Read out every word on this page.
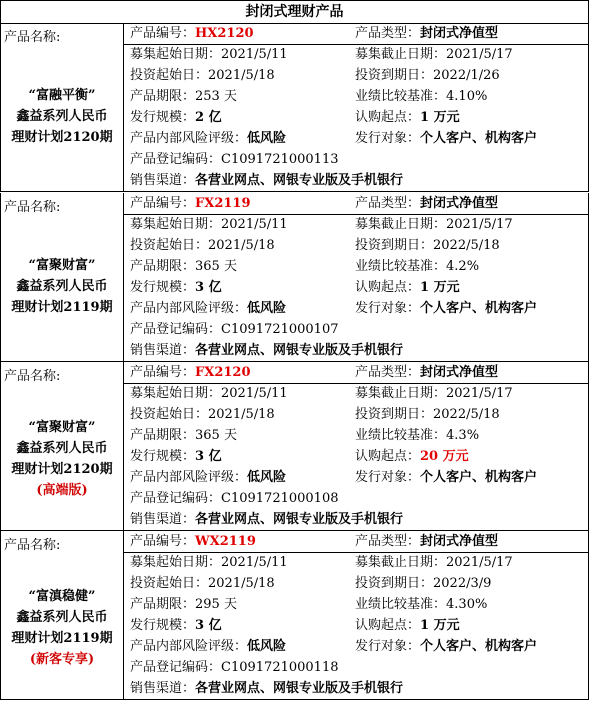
封闭式理财产品
产品名称:
“富融平衡”
鑫益系列人民币
理财计划2120期
产品编号：HX2120	产品类型：封闭式净值型
募集起始日期：2021/5/11	募集截止日期：2021/5/17
投资起始日：2021/5/18	投资到期日：2022/1/26
产品期限：253 天	业绩比较基准：4.10%
发行规模：2 亿	认购起点：1 万元
产品内部风险评级：低风险	发行对象：个人客户、机构客户
产品登记编码：C1091721000113
销售渠道：各营业网点、网银专业版及手机银行
产品名称:
“富聚财富”
鑫益系列人民币
理财计划2119期
产品编号：FX2119	产品类型：封闭式净值型
募集起始日期：2021/5/11	募集截止日期：2021/5/17
投资起始日：2021/5/18	投资到期日：2022/5/18
产品期限：365 天	业绩比较基准：4.2%
发行规模：3 亿	认购起点：1 万元
产品内部风险评级：低风险	发行对象：个人客户、机构客户
产品登记编码：C1091721000107
销售渠道：各营业网点、网银专业版及手机银行
产品名称:
“富聚财富”
鑫益系列人民币
理财计划2120期
(高端版)
产品编号：FX2120	产品类型：封闭式净值型
募集起始日期：2021/5/11	募集截止日期：2021/5/17
投资起始日：2021/5/18	投资到期日：2022/5/18
产品期限：365 天	业绩比较基准：4.3%
发行规模：3 亿	认购起点：20 万元
产品内部风险评级：低风险	发行对象：个人客户、机构客户
产品登记编码：C1091721000108
销售渠道：各营业网点、网银专业版及手机银行
产品名称:
“富滇稳健”
鑫益系列人民币
理财计划2119期
(新客专享)
产品编号：WX2119	产品类型：封闭式净值型
募集起始日期：2021/5/11	募集截止日期：2021/5/17
投资起始日：2021/5/18	投资到期日：2022/3/9
产品期限：295 天	业绩比较基准：4.30%
发行规模：3 亿	认购起点：1 万元
产品内部风险评级：低风险	发行对象：个人客户、机构客户
产品登记编码：C1091721000118
销售渠道：各营业网点、网银专业版及手机银行
